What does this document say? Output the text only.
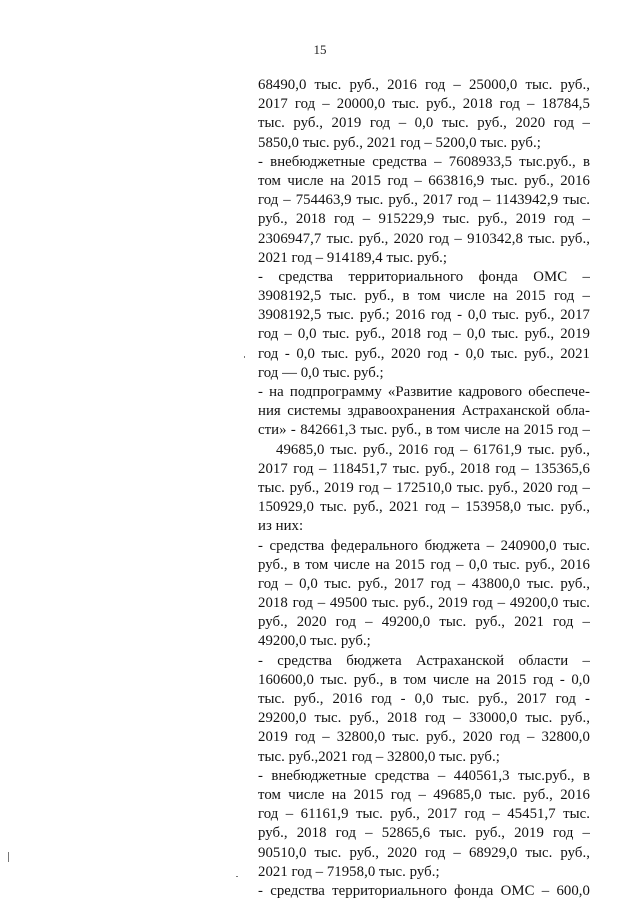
15
68490,0 тыс. руб., 2016 год – 25000,0 тыс. руб.,
2017 год – 20000,0 тыс. руб., 2018 год – 18784,5
тыс. руб., 2019 год – 0,0 тыс. руб., 2020 год –
5850,0 тыс. руб., 2021 год – 5200,0 тыс. руб.;
- внебюджетные средства – 7608933,5 тыс.руб., в
том числе на 2015 год – 663816,9 тыс. руб., 2016
год – 754463,9 тыс. руб., 2017 год – 1143942,9 тыс.
руб., 2018 год – 915229,9 тыс. руб., 2019 год –
2306947,7 тыс. руб., 2020 год – 910342,8 тыс. руб.,
2021 год – 914189,4 тыс. руб.;
- средства территориального фонда ОМС –
3908192,5 тыс. руб., в том числе на 2015 год –
3908192,5 тыс. руб.; 2016 год - 0,0 тыс. руб., 2017
год – 0,0 тыс. руб., 2018 год – 0,0 тыс. руб., 2019
год - 0,0 тыс. руб., 2020 год - 0,0 тыс. руб., 2021
год — 0,0 тыс. руб.;
- на подпрограмму «Развитие кадрового обеспече-
ния системы здравоохранения Астраханской обла-
сти» - 842661,3 тыс. руб., в том числе на 2015 год –
49685,0 тыс. руб., 2016 год – 61761,9 тыс. руб.,
2017 год – 118451,7 тыс. руб., 2018 год – 135365,6
тыс. руб., 2019 год – 172510,0 тыс. руб., 2020 год –
150929,0 тыс. руб., 2021 год – 153958,0 тыс. руб.,
из них:
- средства федерального бюджета – 240900,0 тыс.
руб., в том числе на 2015 год – 0,0 тыс. руб., 2016
год – 0,0 тыс. руб., 2017 год – 43800,0 тыс. руб.,
2018 год – 49500 тыс. руб., 2019 год – 49200,0 тыс.
руб., 2020 год – 49200,0 тыс. руб., 2021 год –
49200,0 тыс. руб.;
- средства бюджета Астраханской области –
160600,0 тыс. руб., в том числе на 2015 год - 0,0
тыс. руб., 2016 год - 0,0 тыс. руб., 2017 год -
29200,0 тыс. руб., 2018 год – 33000,0 тыс. руб.,
2019 год – 32800,0 тыс. руб., 2020 год – 32800,0
тыс. руб.,2021 год – 32800,0 тыс. руб.;
- внебюджетные средства – 440561,3 тыс.руб., в
том числе на 2015 год – 49685,0 тыс. руб., 2016
год – 61161,9 тыс. руб., 2017 год – 45451,7 тыс.
руб., 2018 год – 52865,6 тыс. руб., 2019 год –
90510,0 тыс. руб., 2020 год – 68929,0 тыс. руб.,
2021 год – 71958,0 тыс. руб.;
- средства территориального фонда ОМС – 600,0
